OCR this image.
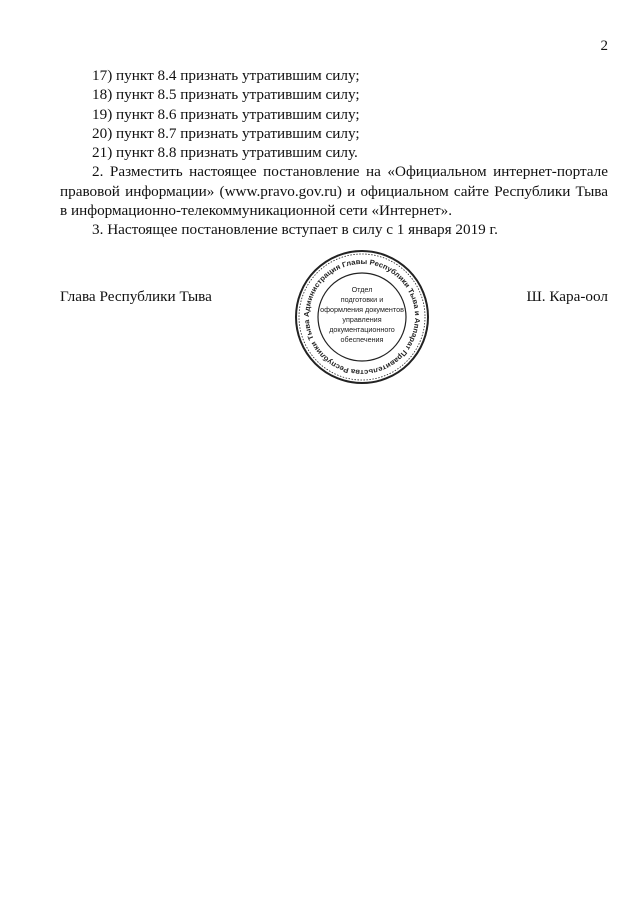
2

17) пункт 8.4 признать утратившим силу;

18) пункт 8.5 признать утратившим силу;

19) пункт 8.6 признать утратившим силу;

20) пункт 8.7 признать утратившим силу;

21) пункт 8.8 признать утратившим силу.

2. Разместить настоящее постановление на «Официальном интернет-портале правовой информации» (www.pravo.gov.ru) и официальном сайте Республики Тыва в информационно-телекоммуникационной сети «Интернет».

3. Настоящее постановление вступает в силу с 1 января 2019 г.

Глава Республики Тыва	Ш. Кара-оол
Администрация Главы Республики Тыва и Аппарат Правительства Республики Тыва
Отдел
подготовки и
оформления документов
управления
документационного
обеспечения
